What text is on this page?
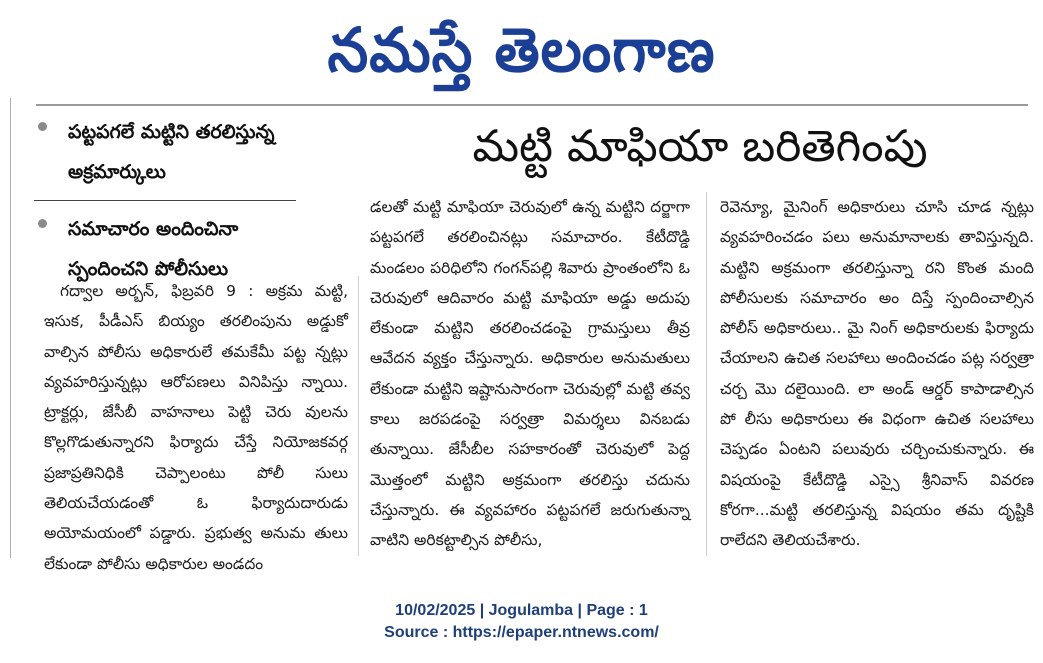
నమస్తే తెలంగాణ
పట్టపగలే మట్టిని తరలిస్తున్న అక్రమార్కులు
సమాచారం అందించినా స్పందించని పోలీసులు
మట్టి మాఫియా బరితెగింపు
గద్వాల అర్బన్, ఫిబ్రవరి 9 : అక్రమ మట్టి, ఇసుక, పీడీఎస్ బియ్యం తరలింపును అడ్డుకో వాల్సిన పోలీసు అధికారులే తమకేమీ పట్ట న్నట్లు వ్యవహరిస్తున్నట్లు ఆరోపణలు వినిపిస్తు న్నాయి. ట్రాక్టర్లు, జేసీబీ వాహనాలు పెట్టి చెరు వులను కొల్లగొడుతున్నారని ఫిర్యాదు చేస్తే నియోజకవర్గ ప్రజాప్రతినిధికి చెప్పాలంటు పోలీ సులు తెలియచేయడంతో ఓ ఫిర్యాదుదారుడు అయోమయంలో పడ్డారు. ప్రభుత్వ అనుమ తులు లేకుండా పోలీసు అధికారుల అండదం
డలతో మట్టి మాఫియా చెరువులో ఉన్న మట్టిని దర్జాగా పట్టపగలే తరలించినట్లు సమాచారం. కేటీదొడ్డి మండలం పరిధిలోని గంగన్‌పల్లి శివారు ప్రాంతంలోని ఓ చెరువులో ఆదివారం మట్టి మాఫియా అడ్డు అదుపు లేకుండా మట్టిని తరలించడంపై గ్రామస్తులు తీవ్ర ఆవేదన వ్యక్తం చేస్తున్నారు. అధికారుల అనుమతులు లేకుండా మట్టిని ఇష్టానుసారంగా చెరువుల్లో మట్టి తవ్వ కాలు జరపడంపై సర్వత్రా విమర్శలు వినబడు తున్నాయి. జేసీబీల సహకారంతో చెరువులో పెద్ద మొత్తంలో మట్టిని అక్రమంగా తరలిస్తు చదును చేస్తున్నారు. ఈ వ్యవహారం పట్టపగలే జరుగుతున్నా వాటిని అరికట్టాల్సిన పోలీసు,
రెవెన్యూ, మైనింగ్ అధికారులు చూసి చూడ న్నట్లు వ్యవహరించడం పలు అనుమానాలకు తావిస్తున్నది. మట్టిని అక్రమంగా తరలిస్తున్నా రని కొంత మంది పోలీసులకు సమాచారం అం దిస్తే స్పందించాల్సిన పోలీస్ అధికారులు.. మై నింగ్ అధికారులకు ఫిర్యాదు చేయాలని ఉచిత సలహాలు అందించడం పట్ల సర్వత్రా చర్చ మొ దలైయింది. లా అండ్ ఆర్డర్ కాపాడాల్సిన పో లీసు అధికారులు ఈ విధంగా ఉచిత సలహాలు చెప్పడం ఏంటని పలువురు చర్చించుకున్నారు. ఈ విషయంపై కేటీదొడ్డి ఎస్సై శ్రీనివాస్ వివరణ కోరగా...మట్టి తరలిస్తున్న విషయం తమ దృష్టికి రాలేదని తెలియచేశారు.
10/02/2025 | Jogulamba | Page : 1
Source : https://epaper.ntnews.com/
